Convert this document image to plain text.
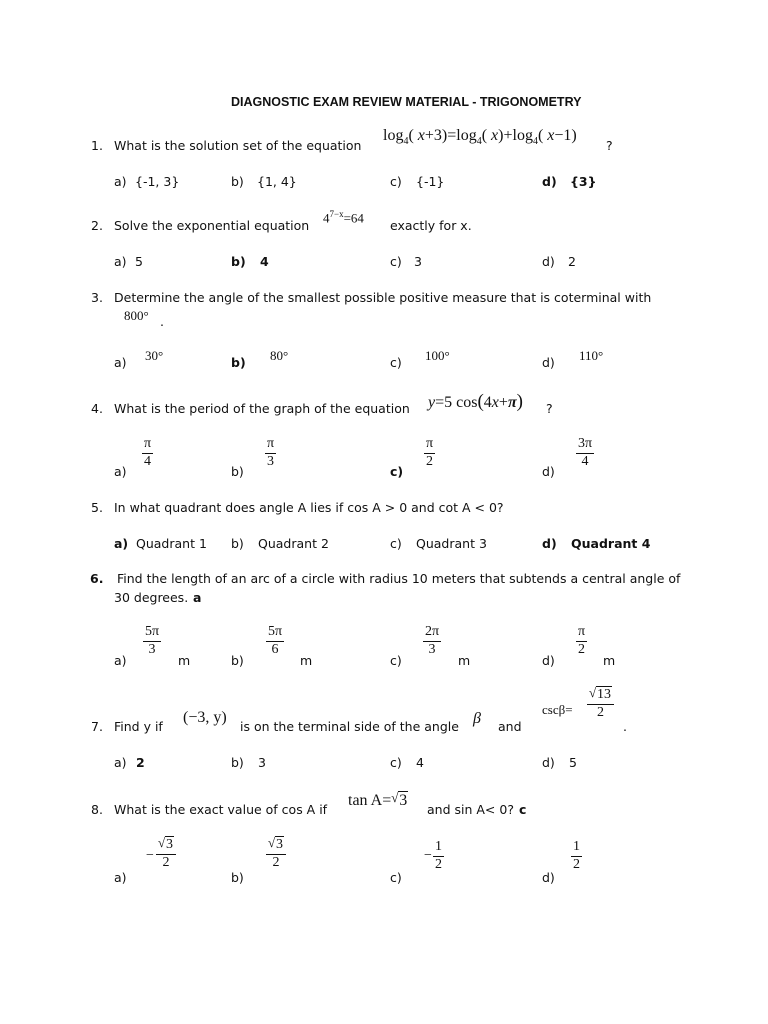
DIAGNOSTIC EXAM REVIEW MATERIAL - TRIGONOMETRY
1. What is the solution set of the equation
$\log_4$( $x+3)=\log_4$( $x)+\log_4$( x−1)
?
a) {-1, 3}	b) {1, 4}	c) {-1}	d) {3}
2. Solve the exponential equation
$4^{7-x}=64$
exactly for x.
a) 5	b) 4	c) 3	d) 2
3. Determine the angle of the smallest possible positive measure that is coterminal with
800° .
a) 30°	b) 80°	c) 100°	d) 110°
4. What is the period of the graph of the equation y=5 cos(4x+π) ?
a)
π
4
b)
π
3
c)
π
2
d)
3π
4
5. In what quadrant does angle A lies if cos A > 0 and cot A < 0?
a) Quadrant 1 b) Quadrant 2	c) Quadrant 3	d) Quadrant 4
6. Find the length of an arc of a circle with radius 10 meters that subtends a central angle of
30 degrees. a
a)
5π
3
m	b)
5π
6
m	c)
2π
3
m	d)
π
2
m
7. Find y if
(−3, y)
is on the terminal side of the angle β and
cscβ=
√ 13
2
.
a) 2	b) 3	c) 4	d) 5
8. What is the exact value of cos A if
tan A= √ 3
and sin A< 0? c
a)
−
√ 3
2
b)
√ 3
2
c)
−
1
2
d)
1
2
